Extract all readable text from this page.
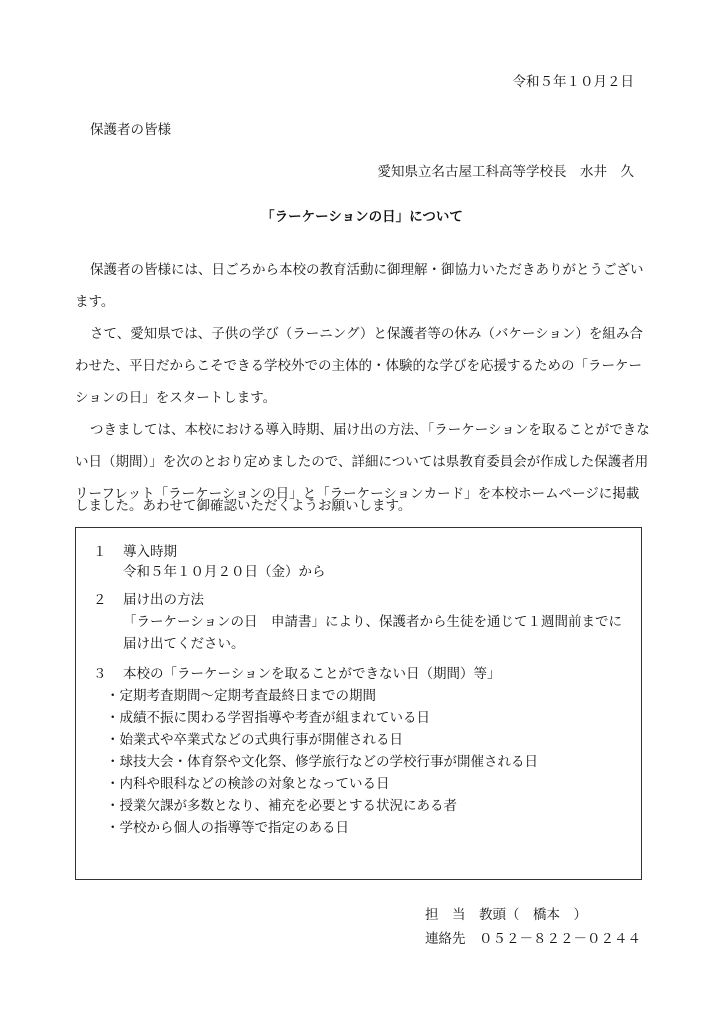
令和５年１０月２日
保護者の皆様
愛知県立名古屋工科高等学校長　水井　久
「ラーケーションの日」について
保護者の皆様には、日ごろから本校の教育活動に御理解・御協力いただきありがとうござい
ます。
さて、愛知県では、子供の学び（ラーニング）と保護者等の休み（バケーション）を組み合
わせた、平日だからこそできる学校外での主体的・体験的な学びを応援するための「ラーケー
ションの日」をスタートします。
つきましては、本校における導入時期、届け出の方法、「ラーケーションを取ることができな
い日（期間）」を次のとおり定めましたので、詳細については県教育委員会が作成した保護者用
リーフレット「ラーケーションの日」と「ラーケーションカード」を本校ホームページに掲載
しました。あわせて御確認いただくようお願いします。
１ 導入時期
令和５年１０月２０日（金）から
２ 届け出の方法
「ラーケーションの日　申請書」により、保護者から生徒を通じて１週間前までに
届け出てください。
３ 本校の「ラーケーションを取ることができない日（期間）等」
・定期考査期間～定期考査最終日までの期間
・成績不振に関わる学習指導や考査が組まれている日
・始業式や卒業式などの式典行事が開催される日
・球技大会・体育祭や文化祭、修学旅行などの学校行事が開催される日
・内科や眼科などの検診の対象となっている日
・授業欠課が多数となり、補充を必要とする状況にある者
・学校から個人の指導等で指定のある日
担　当　教頭（　橋本　）
連絡先　０５２－８２２－０２４４
